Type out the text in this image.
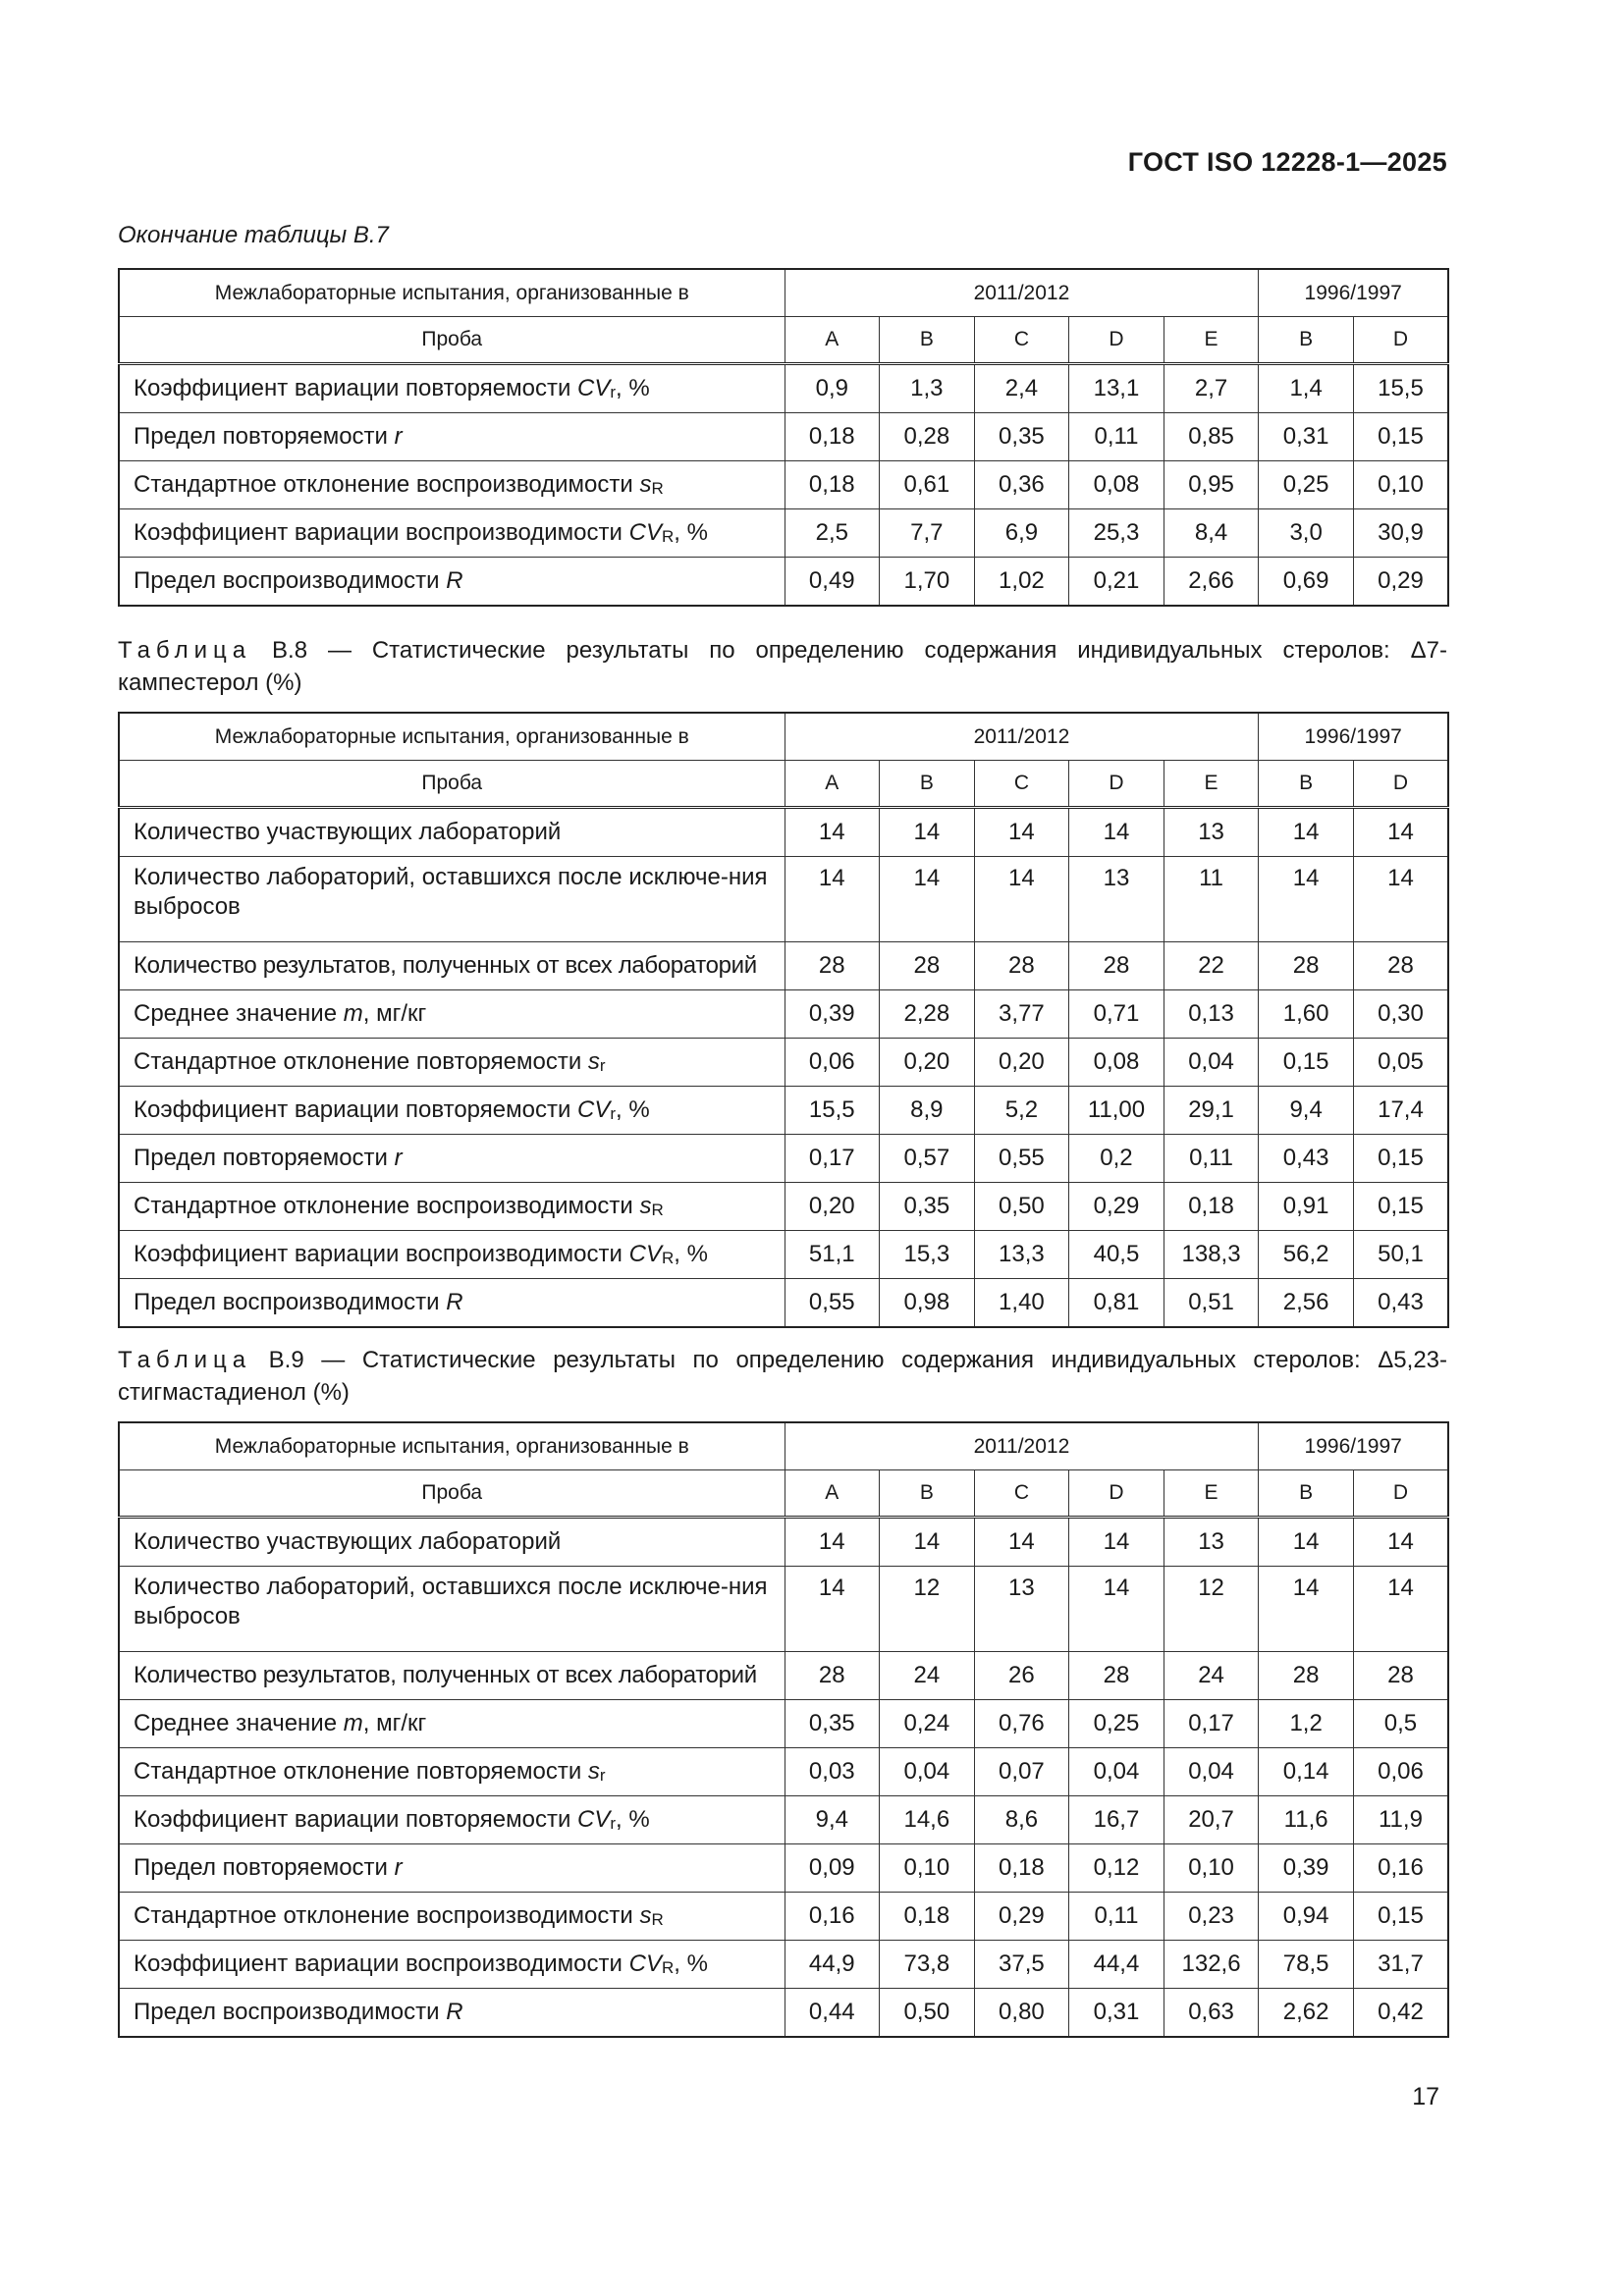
ГОСТ ISO 12228-1—2025
Окончание таблицы В.7
Межлабораторные испытания, организованные в	2011/2012					1996/1997	
Проба	A	B	C	D	E	B	D
Коэффициент вариации повторяемости $CV_r$, %	0,9	1,3	2,4	13,1	2,7	1,4	15,5
Предел повторяемости r	0,18	0,28	0,35	0,11	0,85	0,31	0,15
Стандартное отклонение воспроизводимости $s_R$	0,18	0,61	0,36	0,08	0,95	0,25	0,10
Коэффициент вариации воспроизводимости $CV_R$, %	2,5	7,7	6,9	25,3	8,4	3,0	30,9
Предел воспроизводимости R	0,49	1,70	1,02	0,21	2,66	0,69	0,29
Таблица В.8 — Статистические результаты по определению содержания индивидуальных стеролов: Δ7-кампестерол (%)
Межлабораторные испытания, организованные в	2011/2012					1996/1997	
Проба	A	B	C	D	E	B	D
Количество участвующих лабораторий	14	14	14	14	13	14	14
Количество лабораторий, оставшихся после исключе-ния выбросов	14	14	14	13	11	14	14
Количество результатов, полученных от всех лабораторий	28	28	28	28	22	28	28
Среднее значение m, мг/кг	0,39	2,28	3,77	0,71	0,13	1,60	0,30
Стандартное отклонение повторяемости $s_r$	0,06	0,20	0,20	0,08	0,04	0,15	0,05
Коэффициент вариации повторяемости $CV_r$, %	15,5	8,9	5,2	11,00	29,1	9,4	17,4
Предел повторяемости r	0,17	0,57	0,55	0,2	0,11	0,43	0,15
Стандартное отклонение воспроизводимости $s_R$	0,20	0,35	0,50	0,29	0,18	0,91	0,15
Коэффициент вариации воспроизводимости $CV_R$, %	51,1	15,3	13,3	40,5	138,3	56,2	50,1
Предел воспроизводимости R	0,55	0,98	1,40	0,81	0,51	2,56	0,43
Таблица В.9 — Статистические результаты по определению содержания индивидуальных стеролов: Δ5,23-стигмастадиенол (%)
Межлабораторные испытания, организованные в	2011/2012					1996/1997	
Проба	A	B	C	D	E	B	D
Количество участвующих лабораторий	14	14	14	14	13	14	14
Количество лабораторий, оставшихся после исключе-ния выбросов	14	12	13	14	12	14	14
Количество результатов, полученных от всех лабораторий	28	24	26	28	24	28	28
Среднее значение m, мг/кг	0,35	0,24	0,76	0,25	0,17	1,2	0,5
Стандартное отклонение повторяемости $s_r$	0,03	0,04	0,07	0,04	0,04	0,14	0,06
Коэффициент вариации повторяемости $CV_r$, %	9,4	14,6	8,6	16,7	20,7	11,6	11,9
Предел повторяемости r	0,09	0,10	0,18	0,12	0,10	0,39	0,16
Стандартное отклонение воспроизводимости $s_R$	0,16	0,18	0,29	0,11	0,23	0,94	0,15
Коэффициент вариации воспроизводимости $CV_R$, %	44,9	73,8	37,5	44,4	132,6	78,5	31,7
Предел воспроизводимости R	0,44	0,50	0,80	0,31	0,63	2,62	0,42
17
